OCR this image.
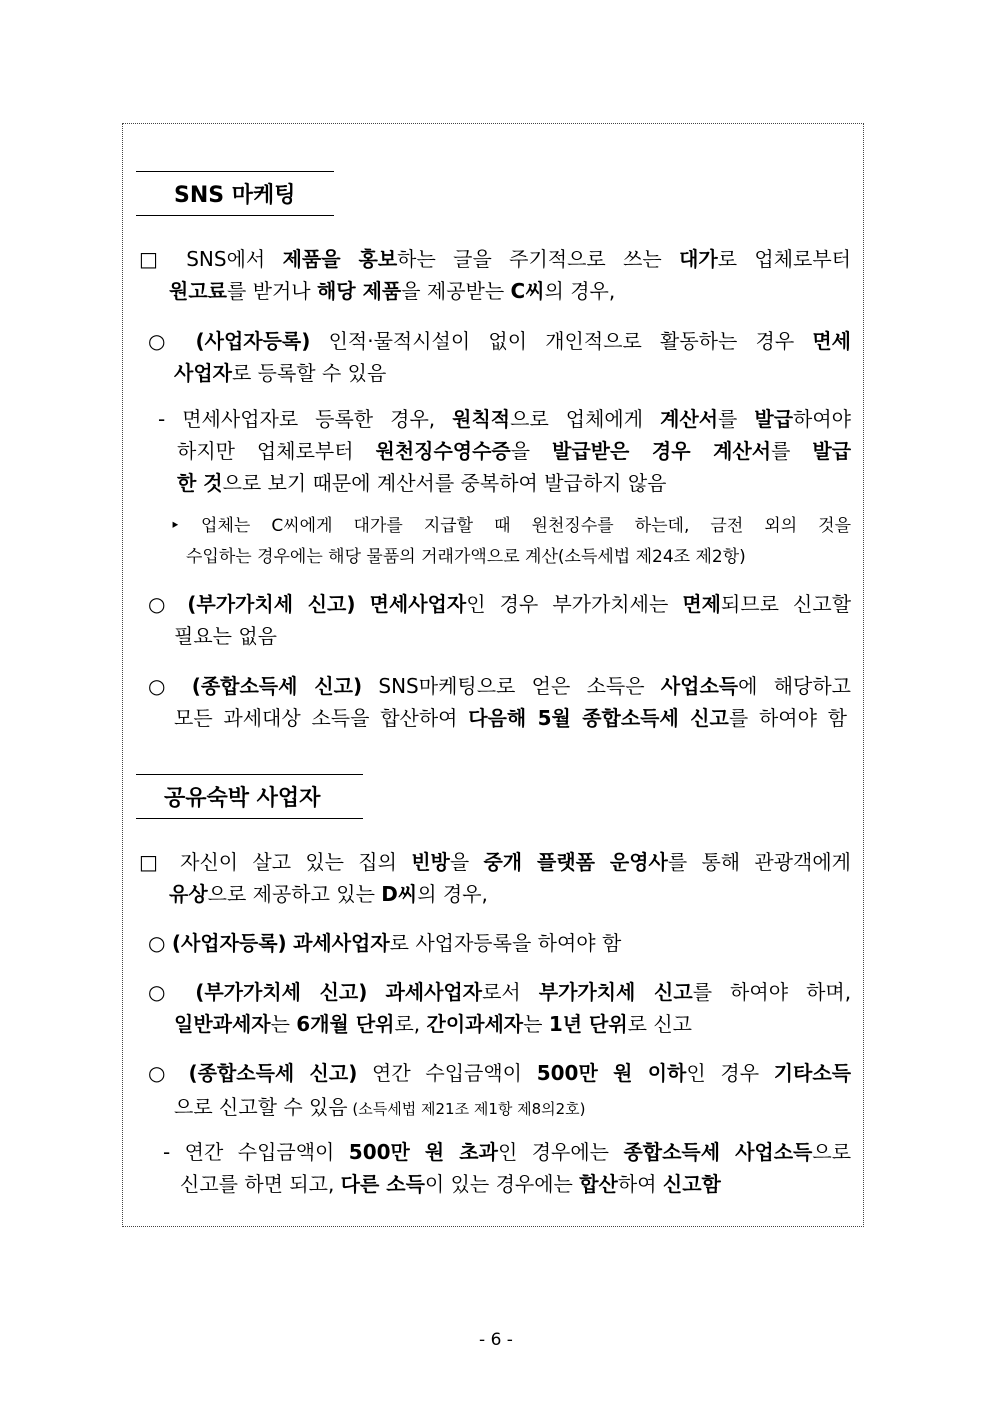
SNS 마케팅
□ SNS에서 제품을 홍보하는 글을 주기적으로 쓰는 대가로 업체로부터
원고료를 받거나 해당 제품을 제공받는 C씨의 경우,
○ (사업자등록) 인적·물적시설이 없이 개인적으로 활동하는 경우 면세
사업자로 등록할 수 있음
- 면세사업자로 등록한 경우, 원칙적으로 업체에게 계산서를 발급하여야
하지만 업체로부터 원천징수영수증을 발급받은 경우 계산서를 발급
한 것으로 보기 때문에 계산서를 중복하여 발급하지 않음
‣ 업체는 C씨에게 대가를 지급할 때 원천징수를 하는데, 금전 외의 것을
수입하는 경우에는 해당 물품의 거래가액으로 계산(소득세법 제24조 제2항)
○ (부가가치세 신고) 면세사업자인 경우 부가가치세는 면제되므로 신고할
필요는 없음
○ (종합소득세 신고) SNS마케팅으로 얻은 소득은 사업소득에 해당하고
모든 과세대상 소득을 합산하여 다음해 5월 종합소득세 신고를 하여야 함
공유숙박 사업자
□ 자신이 살고 있는 집의 빈방을 중개 플랫폼 운영사를 통해 관광객에게
유상으로 제공하고 있는 D씨의 경우,
○ (사업자등록) 과세사업자로 사업자등록을 하여야 함
○ (부가가치세 신고) 과세사업자로서 부가가치세 신고를 하여야 하며,
일반과세자는 6개월 단위로, 간이과세자는 1년 단위로 신고
○ (종합소득세 신고) 연간 수입금액이 500만 원 이하인 경우 기타소득
으로 신고할 수 있음 (소득세법 제21조 제1항 제8의2호)
- 연간 수입금액이 500만 원 초과인 경우에는 종합소득세 사업소득으로
신고를 하면 되고, 다른 소득이 있는 경우에는 합산하여 신고함
- 6 -
